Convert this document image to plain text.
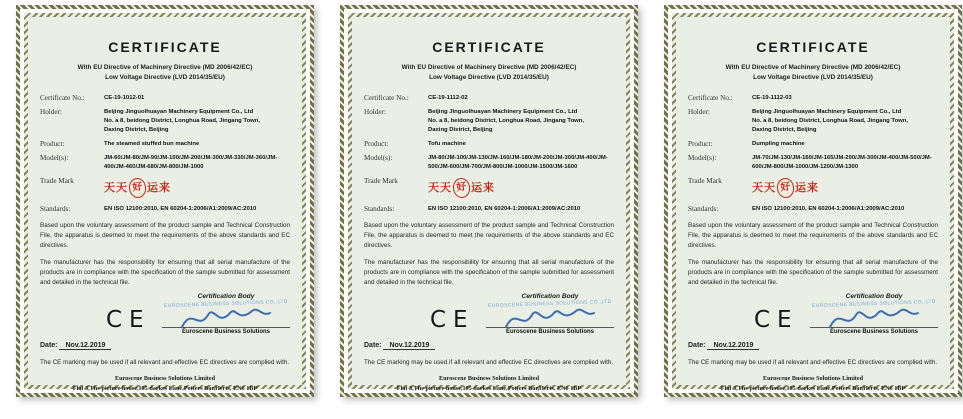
CERTIFICATE
With EU Directive of Machinery Directive (MD 2006/42/EC)
Low Voltage Directive (LVD 2014/35/EU)
Certificate No.:	CE-19-1012-01
Holder:	Beijing Jinguolhuayan Machinery Equipment Co., Ltd
No. a 8, beidong District, Longhua Road, Jingang Town,
Daxing District, Beijing
Product:	The steamed stuffed bun machine
Model(s):	JM-60/JM-80/JM-90/JM-100/JM-200/JM-300/JM-330/JM-360/JM-400/JM-460/JM-680/JM-800/JM-1000
Trade Mark
天天 好 运来
Standards:	EN ISO 12100:2010, EN 60204-1:2006/A1:2009/AC:2010
Based upon the voluntary assessment of the product sample and Technical Construction File, the apparatus is deemed to meet the requirements of the above standards and EC directives.
The manufacturer has the responsibility for ensuring that all serial manufacture of the products are in compliance with the specification of the sample submitted for assessment and detailed in the technical file.
CE
Date: Nov.12.2019
Certification Body
EUROSCENE BUSINESS SOLUTIONS CO.,LTD
Euroscene Business Solutions
The CE marking may be used if all relevant and effective EC directives are complied with.
Euroscene Business Solutions Limited
Flat 3,The picture house,195 darkes Lane,Potters Bar,Herts, EN6 1BP
CERTIFICATE
With EU Directive of Machinery Directive (MD 2006/42/EC)
Low Voltage Directive (LVD 2014/35/EU)
Certificate No.:	CE-19-1112-02
Holder:	Beijing Jinguolhuayan Machinery Equipment Co., Ltd
No. a 8, beidong District, Longhua Road, Jingang Town,
Daxing District, Beijing
Product:	Tofu machine
Model(s):	JM-80/JM-100/JM-130/JM-160/JM-180/JM-200/JM-300/JM-400/JM-500/JM-600/JM-700/JM-800/JM-1000/JM-1500/JM-1600
Trade Mark
天天 好 运来
Standards:	EN ISO 12100:2010, EN 60204-1:2006/A1:2009/AC:2010
Based upon the voluntary assessment of the product sample and Technical Construction File, the apparatus is deemed to meet the requirements of the above standards and EC directives.
The manufacturer has the responsibility for ensuring that all serial manufacture of the products are in compliance with the specification of the sample submitted for assessment and detailed in the technical file.
CE
Date: Nov.12.2019
Certification Body
EUROSCENE BUSINESS SOLUTIONS CO.,LTD
Euroscene Business Solutions
The CE marking may be used if all relevant and effective EC directives are complied with.
Euroscene Business Solutions Limited
Flat 3,The picture house,195 darkes Lane,Potters Bar,Herts, EN6 1BP
CERTIFICATE
With EU Directive of Machinery Directive (MD 2006/42/EC)
Low Voltage Directive (LVD 2014/35/EU)
Certificate No.:	CE-19-1112-03
Holder:	Beijing Jinguolhuayan Machinery Equipment Co., Ltd
No. a 8, beidong District, Longhua Road, Jingang Town,
Daxing District, Beijing
Product:	Dumpling machine
Model(s):	JM-70/JM-130/JM-160/JM-165/JM-200/JM-300/JM-400/JM-500/JM-600/JM-800/JM-1000/JM-1200/JM-1300
Trade Mark
天天 好 运来
Standards:	EN ISO 12100:2010, EN 60204-1:2006/A1:2009/AC:2010
Based upon the voluntary assessment of the product sample and Technical Construction File, the apparatus is deemed to meet the requirements of the above standards and EC directives.
The manufacturer has the responsibility for ensuring that all serial manufacture of the products are in compliance with the specification of the sample submitted for assessment and detailed in the technical file.
CE
Date: Nov.12.2019
Certification Body
EUROSCENE BUSINESS SOLUTIONS CO.,LTD
Euroscene Business Solutions
The CE marking may be used if all relevant and effective EC directives are complied with.
Euroscene Business Solutions Limited
Flat 3,The picture house,195 darkes Lane,Potters Bar,Herts, EN6 1BP
